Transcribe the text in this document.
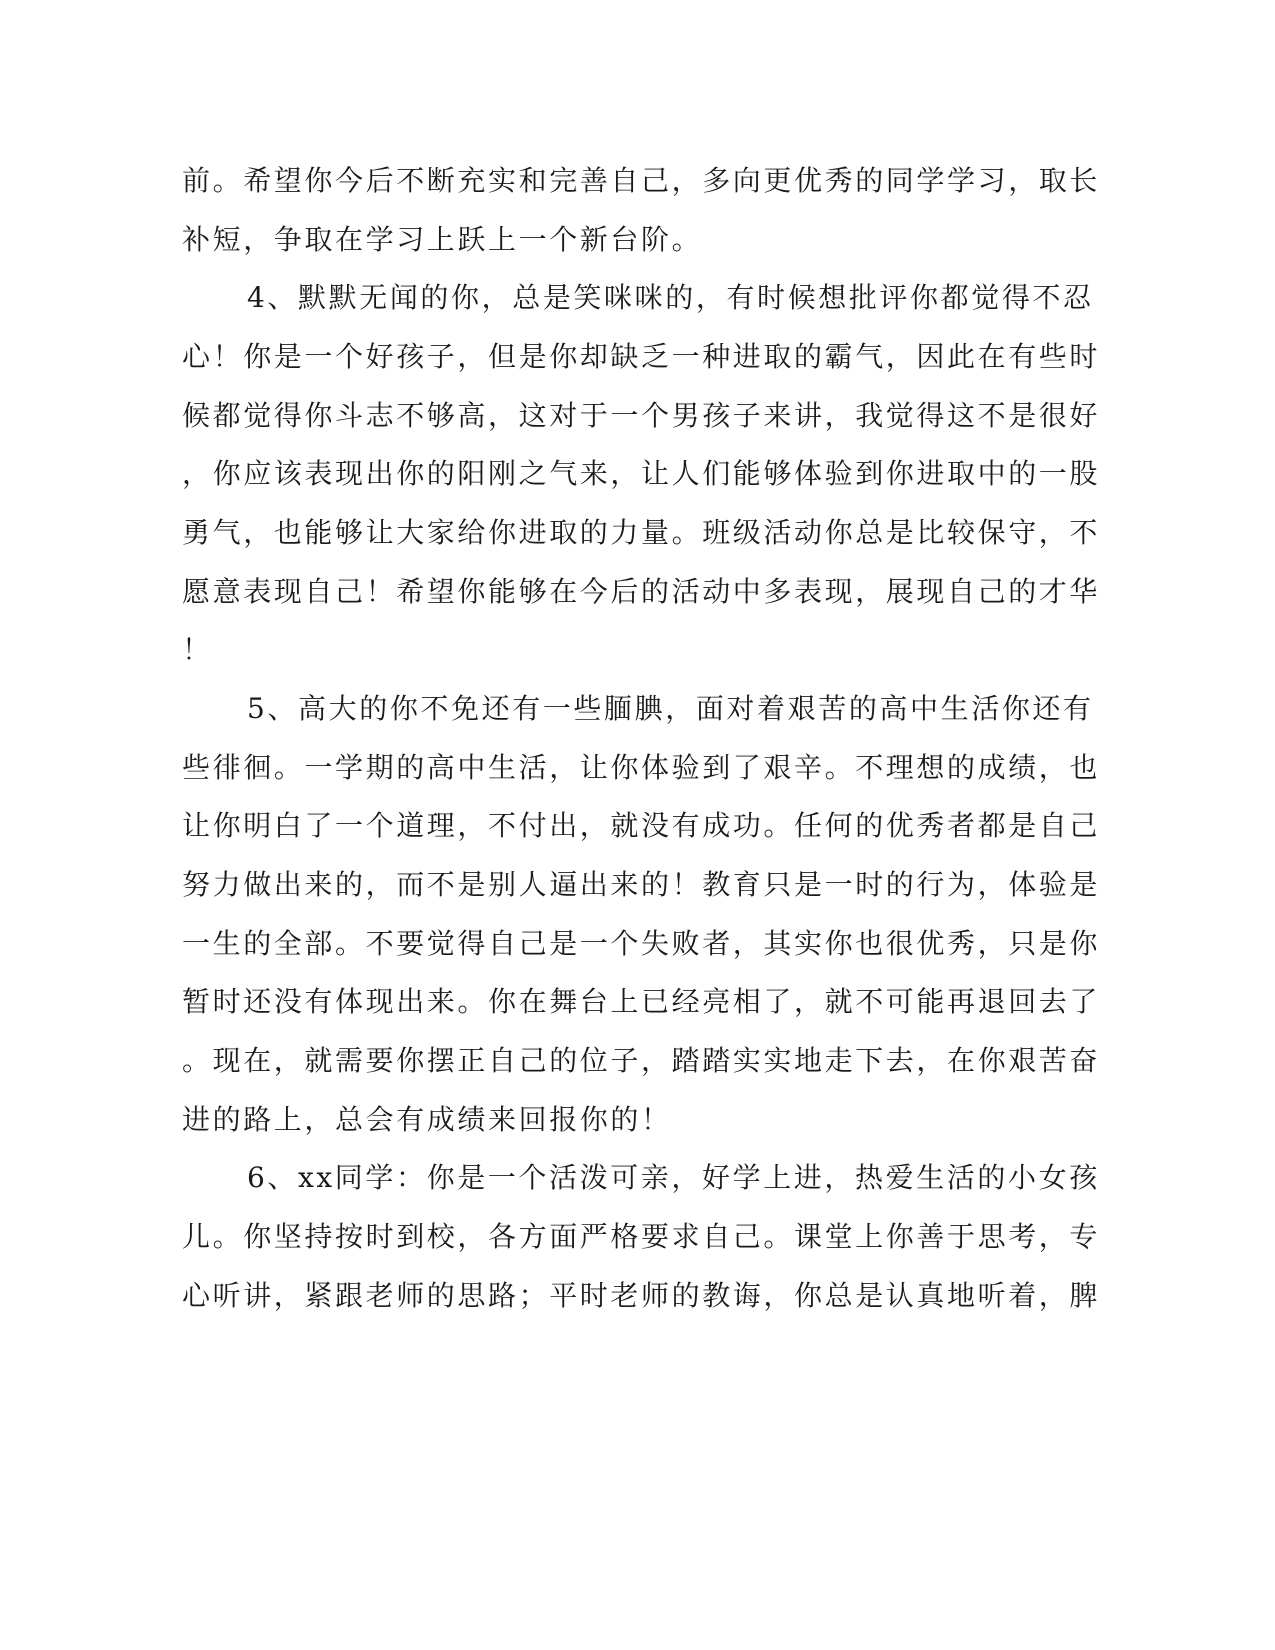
前。希望你今后不断充实和完善自己，多向更优秀的同学学习，取长
补短，争取在学习上跃上一个新台阶。
4、默默无闻的你，总是笑咪咪的，有时候想批评你都觉得不忍
心！你是一个好孩子，但是你却缺乏一种进取的霸气，因此在有些时
候都觉得你斗志不够高，这对于一个男孩子来讲，我觉得这不是很好
，你应该表现出你的阳刚之气来，让人们能够体验到你进取中的一股
勇气，也能够让大家给你进取的力量。班级活动你总是比较保守，不
愿意表现自己！希望你能够在今后的活动中多表现，展现自己的才华
！
5、高大的你不免还有一些腼腆，面对着艰苦的高中生活你还有
些徘徊。一学期的高中生活，让你体验到了艰辛。不理想的成绩，也
让你明白了一个道理，不付出，就没有成功。任何的优秀者都是自己
努力做出来的，而不是别人逼出来的！教育只是一时的行为，体验是
一生的全部。不要觉得自己是一个失败者，其实你也很优秀，只是你
暂时还没有体现出来。你在舞台上已经亮相了，就不可能再退回去了
。现在，就需要你摆正自己的位子，踏踏实实地走下去，在你艰苦奋
进的路上，总会有成绩来回报你的！
6、xx同学：你是一个活泼可亲，好学上进，热爱生活的小女孩
儿。你坚持按时到校，各方面严格要求自己。课堂上你善于思考，专
心听讲，紧跟老师的思路；平时老师的教诲，你总是认真地听着，脾
